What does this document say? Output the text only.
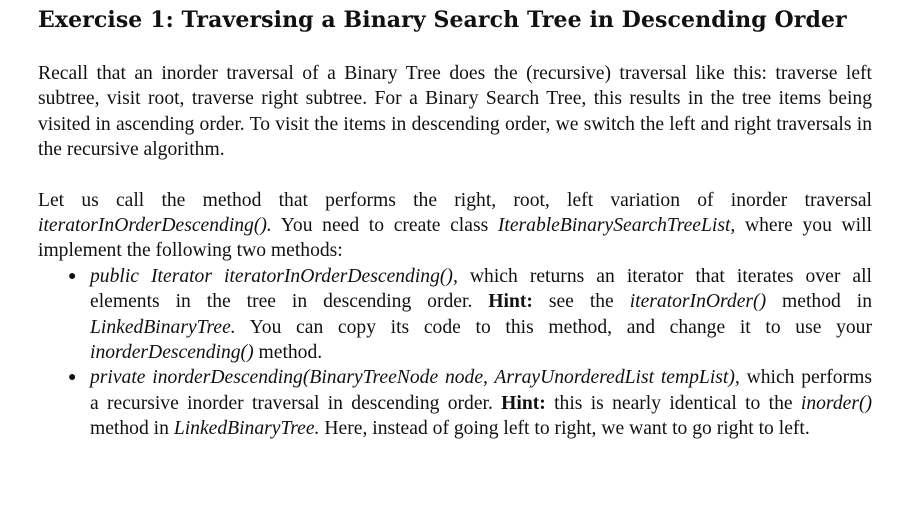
Exercise 1: Traversing a Binary Search Tree in Descending Order

Recall that an inorder traversal of a Binary Tree does the (recursive) traversal like this: traverse left subtree, visit root, traverse right subtree. For a Binary Search Tree, this results in the tree items being visited in ascending order. To visit the items in descending order, we switch the left and right traversals in the recursive algorithm.

Let us call the method that performs the right, root, left variation of inorder traversal iteratorInOrderDescending(). You need to create class IterableBinarySearchTreeList, where you will implement the following two methods:

● public Iterator iteratorInOrderDescending(), which returns an iterator that iterates over all elements in the tree in descending order. Hint: see the iteratorInOrder() method in LinkedBinaryTree. You can copy its code to this method, and change it to use your inorderDescending() method.
● private inorderDescending(BinaryTreeNode node, ArrayUnorderedList tempList), which performs a recursive inorder traversal in descending order. Hint: this is nearly identical to the inorder() method in LinkedBinaryTree. Here, instead of going left to right, we want to go right to left.
